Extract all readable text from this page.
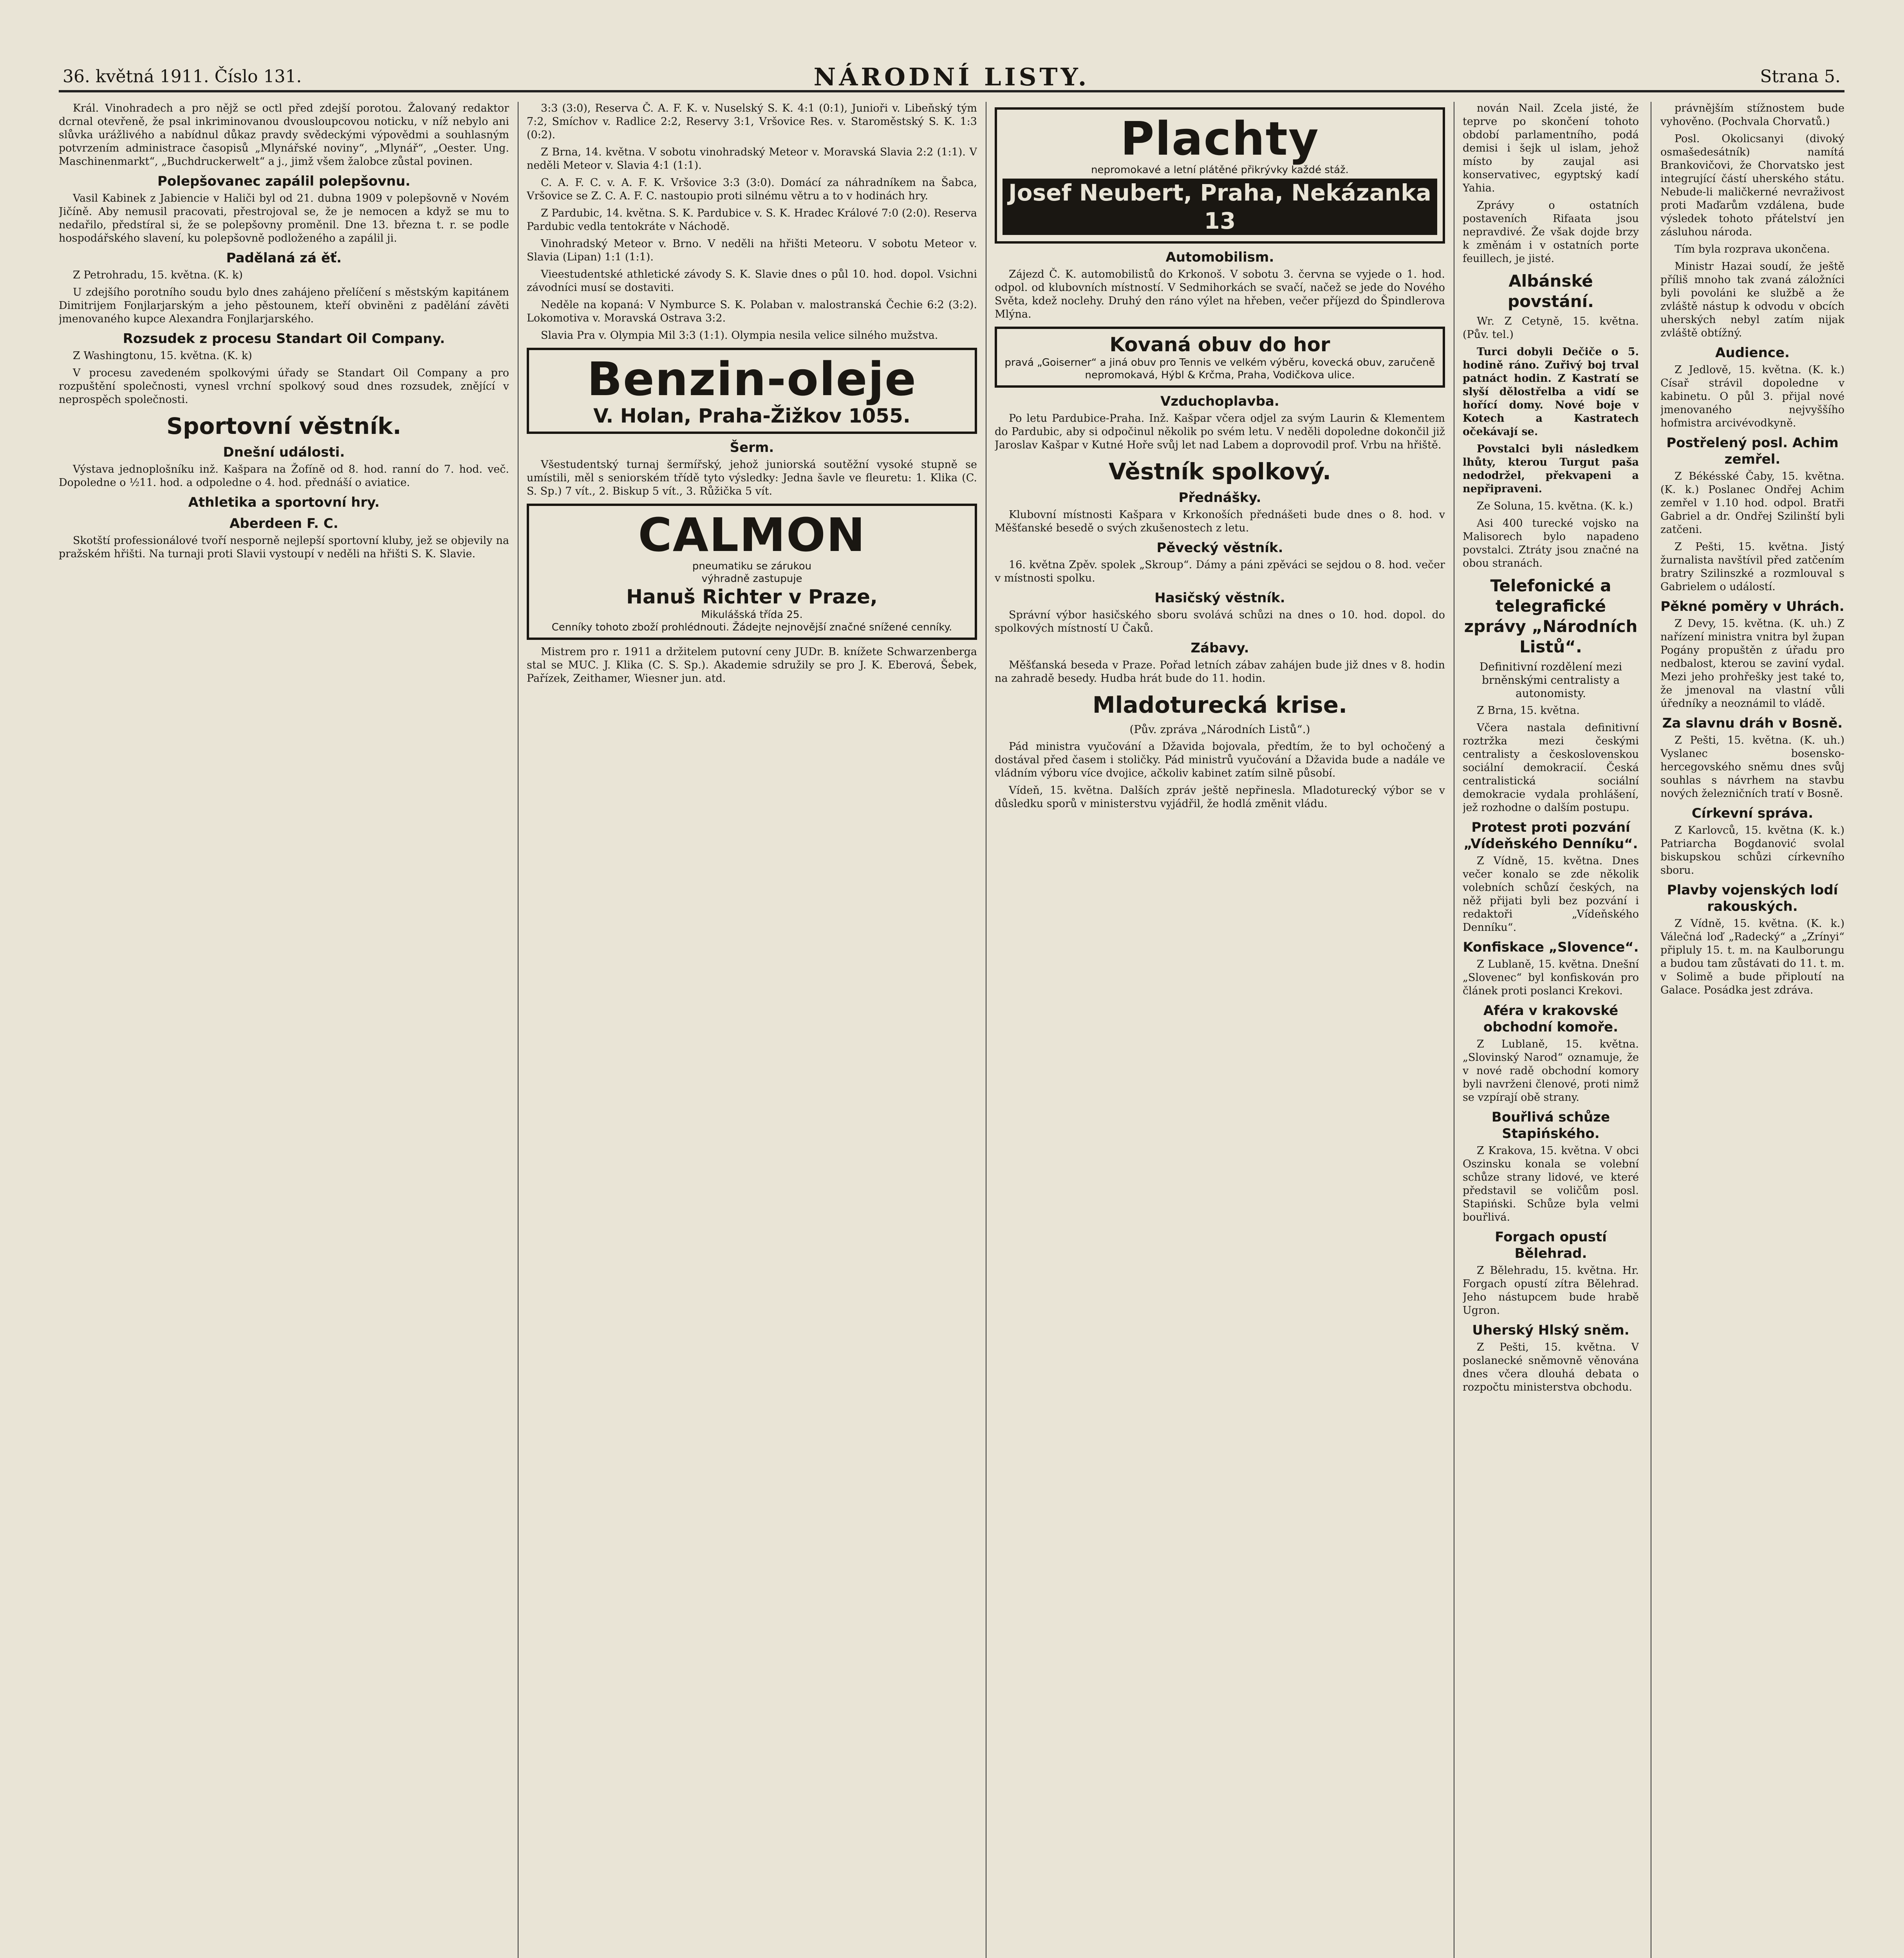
36. květná 1911. Číslo 131.	NÁRODNÍ LISTY.	Strana 5.

Král. Vinohradech a pro nějž se octl před zdejší porotou. Žalovaný redaktor dcrnal otevřeně, že psal inkriminovanou dvousloupcovou noticku, v níž nebylo ani slůvka urážlivého a nabídnul důkaz pravdy svědeckými výpovědmi a souhlasným potvrzením administrace časopisů „Mlynářské noviny“, „Mlynář“, „Oester. Ung. Maschinenmarkt“, „Buchdruckerwelt“ a j., jimž všem žalobce zůstal povinen.

Polepšovanec zapálil polepšovnu.

Vasil Kabinek z Jabiencie v Haliči byl od 21. dubna 1909 v polepšovně v Novém Jičíně. Aby nemusil pracovati, přestrojoval se, že je nemocen a když se mu to nedařilo, předstíral si, že se polepšovny proměnil. Dne 13. března t. r. se podle hospodářského slavení, ku polepšovně podloženého a zapálil ji.

Padělaná zá ěť.

Z Petrohradu, 15. května. (K. k)

U zdejšího porotního soudu bylo dnes zahájeno přelíčení s městským kapitánem Dimitrijem Fonjlarjarským a jeho pěstounem, kteří obviněni z padělání závěti jmenovaného kupce Alexandra Fonjlarjarského.

Rozsudek z procesu Standart Oil Company.

Z Washingtonu, 15. května. (K. k)

V procesu zavedeném spolkovými úřady se Standart Oil Company a pro rozpuštění společnosti, vynesl vrchní spolkový soud dnes rozsudek, znějící v neprospěch společnosti.

Sportovní věstník.
Dnešní události.

Výstava jednoplošníku inž. Kašpara na Žofíně od 8. hod. ranní do 7. hod. več. Dopoledne o ½11. hod. a odpoledne o 4. hod. přednáší o aviatice.

Athletika a sportovní hry.
Aberdeen F. C.

Skotští professionálové tvoří nesporně nejlepší sportovní kluby, jež se objevily na pražském hřišti. Na turnaji proti Slavii vystoupí v neděli na hřišti S. K. Slavie.

3:3 (3:0), Reserva Č. A. F. K. v. Nuselský S. K. 4:1 (0:1), Junioři v. Libeňský tým 7:2, Smíchov v. Radlice 2:2, Reservy 3:1, Vršovice Res. v. Staroměstský S. K. 1:3 (0:2).

Z Brna, 14. května. V sobotu vinohradský Meteor v. Moravská Slavia 2:2 (1:1). V neděli Meteor v. Slavia 4:1 (1:1).

C. A. F. C. v. A. F. K. Vršovice 3:3 (3:0). Domácí za náhradníkem na Šabca, Vršovice se Z. C. A. F. C. nastoupio proti silnému větru a to v hodinách hry.

Z Pardubic, 14. května. S. K. Pardubice v. S. K. Hradec Králové 7:0 (2:0). Reserva Pardubic vedla tentokráte v Náchodě.

Vinohradský Meteor v. Brno. V neděli na hřišti Meteoru. V sobotu Meteor v. Slavia (Lipan) 1:1 (1:1).

Vieestudentské athletické závody S. K. Slavie dnes o půl 10. hod. dopol. Vsichni závodníci musí se dostaviti.

Neděle na kopaná: V Nymburce S. K. Polaban v. malostranská Čechie 6:2 (3:2). Lokomotiva v. Moravská Ostrava 3:2.

Slavia Pra v. Olympia Mil 3:3 (1:1). Olympia nesila velice silného mužstva.

Benzin-oleje
V. Holan, Praha-Žižkov 1055.
Šerm.

Všestudentský turnaj šermířský, jehož juniorská soutěžní vysoké stupně se umístili, měl s seniorském třídě tyto výsledky: Jedna šavle ve fleuretu: 1. Klika (C. S. Sp.) 7 vít., 2. Biskup 5 vít., 3. Růžička 5 vít.

CALMON
pneumatiku se zárukou
výhradně zastupuje
Hanuš Richter v Praze,
Mikulášská třída 25.
Cenníky tohoto zboží prohlédnouti. Žádejte nejnovější značné snížené cenníky.

Mistrem pro r. 1911 a držitelem putovní ceny JUDr. B. knížete Schwarzenberga stal se MUC. J. Klika (C. S. Sp.). Akademie sdružily se pro J. K. Eberová, Šebek, Pařízek, Zeithamer, Wiesner jun. atd.

Plachty
nepromokavé a letní plátěné přikrývky každé stáž.
Josef Neubert, Praha, Nekázanka 13
Automobilism.

Zájezd Č. K. automobilistů do Krkonoš. V sobotu 3. června se vyjede o 1. hod. odpol. od klubovních místností. V Sedmihorkách se svačí, načež se jede do Nového Světa, kdež noclehy. Druhý den ráno výlet na hřeben, večer příjezd do Špindlerova Mlýna.

Kovaná obuv do hor
pravá „Goiserner“ a jiná obuv pro Tennis ve velkém výběru, kovecká obuv, zaručeně nepromokavá, Hýbl & Krčma, Praha, Vodičkova ulice.
Vzduchoplavba.

Po letu Pardubice-Praha. Inž. Kašpar včera odjel za svým Laurin & Klementem do Pardubic, aby si odpočinul několik po svém letu. V neděli dopoledne dokončil již Jaroslav Kašpar v Kutné Hoře svůj let nad Labem a doprovodil prof. Vrbu na hřiště.

Věstník spolkový.
Přednášky.

Klubovní místnosti Kašpara v Krkonoších přednášeti bude dnes o 8. hod. v Měšťanské besedě o svých zkušenostech z letu.

Pěvecký věstník.

16. května Zpěv. spolek „Skroup“. Dámy a páni zpěváci se sejdou o 8. hod. večer v místnosti spolku.

Hasičský věstník.

Správní výbor hasičského sboru svolává schůzi na dnes o 10. hod. dopol. do spolkových místností U Čaků.

Zábavy.

Měšťanská beseda v Praze. Pořad letních zábav zahájen bude již dnes v 8. hodin na zahradě besedy. Hudba hrát bude do 11. hodin.

Mladoturecká krise.
(Pův. zpráva „Národních Listů“.)

Pád ministra vyučování a Džavida bojovala, předtím, že to byl ochočený a dostával před časem i stoličky. Pád ministrů vyučování a Džavida bude a nadále ve vládním výboru více dvojice, ačkoliv kabinet zatím silně působí.

Vídeň, 15. května. Dalších zpráv ještě nepřinesla. Mladoturecký výbor se v důsledku sporů v ministerstvu vyjádřil, že hodlá změnit vládu.

nován Nail. Zcela jisté, že teprve po skončení tohoto období parlamentního, podá demisi i šejk ul islam, jehož místo by zaujal asi konservativec, egyptský kadí Yahia.

Zprávy o ostatních postaveních Rifaata jsou nepravdivé. Že však dojde brzy k změnám i v ostatních porte feuillech, je jisté.

Albánské povstání.

Wr. Z Cetyně, 15. května. (Pův. tel.)

Turci dobyli Dečiče o 5. hodině ráno. Zuřivý boj trval patnáct hodin. Z Kastratí se slyší dělostřelba a vidí se hořící domy. Nové boje v Kotech a Kastratech očekávají se.

Povstalci byli následkem lhůty, kterou Turgut paša nedodržel, překvapeni a nepřipraveni.

Ze Soluna, 15. května. (K. k.)

Asi 400 turecké vojsko na Malisorech bylo napadeno povstalci. Ztráty jsou značné na obou stranách.

Telefonické a telegrafické zprávy „Národních Listů“.
Definitivní rozdělení mezi brněnskými centralisty a autonomisty.

Z Brna, 15. května.

Včera nastala definitivní roztržka mezi českými centralisty a československou sociální demokracií. Česká centralistická sociální demokracie vydala prohlášení, jež rozhodne o dalším postupu.

Protest proti pozvání „Vídeňského Denníku“.

Z Vídně, 15. května. Dnes večer konalo se zde několik volebních schůzí českých, na něž přijati byli bez pozvání i redaktoři „Vídeňského Denníku“.

Konfiskace „Slovence“.

Z Lublaně, 15. května. Dnešní „Slovenec“ byl konfiskován pro článek proti poslanci Krekovi.

Aféra v krakovské obchodní komoře.

Z Lublaně, 15. května. „Slovinský Narod“ oznamuje, že v nové radě obchodní komory byli navrženi členové, proti nimž se vzpírají obě strany.

Bouřlivá schůze Stapińského.

Z Krakova, 15. května. V obci Oszinsku konala se volební schůze strany lidové, ve které představil se voličům posl. Stapiński. Schůze byla velmi bouřlivá.

Forgach opustí Bělehrad.

Z Bělehradu, 15. května. Hr. Forgach opustí zítra Bělehrad. Jeho nástupcem bude hrabě Ugron.

Uherský Hlský sněm.

Z Pešti, 15. května. V poslanecké sněmovně věnována dnes včera dlouhá debata o rozpočtu ministerstva obchodu.

právnějším stížnostem bude vyhověno. (Pochvala Chorvatů.)

Posl. Okolicsanyi (divoký osmašedesátník) namítá Brankovičovi, že Chorvatsko jest integrující částí uherského státu. Nebude-li maličkerné nevraživost proti Maďarům vzdálena, bude výsledek tohoto přátelství jen zásluhou národa.

Tím byla rozprava ukončena.

Ministr Hazai soudí, že ještě příliš mnoho tak zvaná záložníci byli povoláni ke službě a že zvláště nástup k odvodu v obcích uherských nebyl zatím nijak zvláště obtížný.

Audience.

Z Jedlově, 15. května. (K. k.) Císař strávil dopoledne v kabinetu. O půl 3. přijal nové jmenovaného nejvyššího hofmistra arcivévodkyně.

Postřelený posl. Achim zemřel.

Z Békésské Čaby, 15. května. (K. k.) Poslanec Ondřej Achim zemřel v 1.10 hod. odpol. Bratři Gabriel a dr. Ondřej Szilinští byli zatčeni.

Z Pešti, 15. května. Jistý žurnalista navštívil před zatčením bratry Szilinszké a rozmlouval s Gabrielem o událostí.

Pěkné poměry v Uhrách.

Z Devy, 15. května. (K. uh.) Z nařízení ministra vnitra byl župan Pogány propuštěn z úřadu pro nedbalost, kterou se zaviní vydal. Mezi jeho prohřešky jest také to, že jmenoval na vlastní vůli úředníky a neoznámil to vládě.

Za slavnu dráh v Bosně.

Z Pešti, 15. května. (K. uh.) Vyslanec bosensko-hercegovského sněmu dnes svůj souhlas s návrhem na stavbu nových železničních tratí v Bosně.

Církevní správa.

Z Karlovců, 15. května (K. k.) Patriarcha Bogdanović svolal biskupskou schůzi církevního sboru.

Plavby vojenských lodí rakouských.

Z Vídně, 15. května. (K. k.) Válečná loď „Radecký“ a „Zrínyi“ připluly 15. t. m. na Kaulborungu a budou tam zůstávati do 11. t. m. v Solimě a bude připloutí na Galace. Posádka jest zdrávа.
